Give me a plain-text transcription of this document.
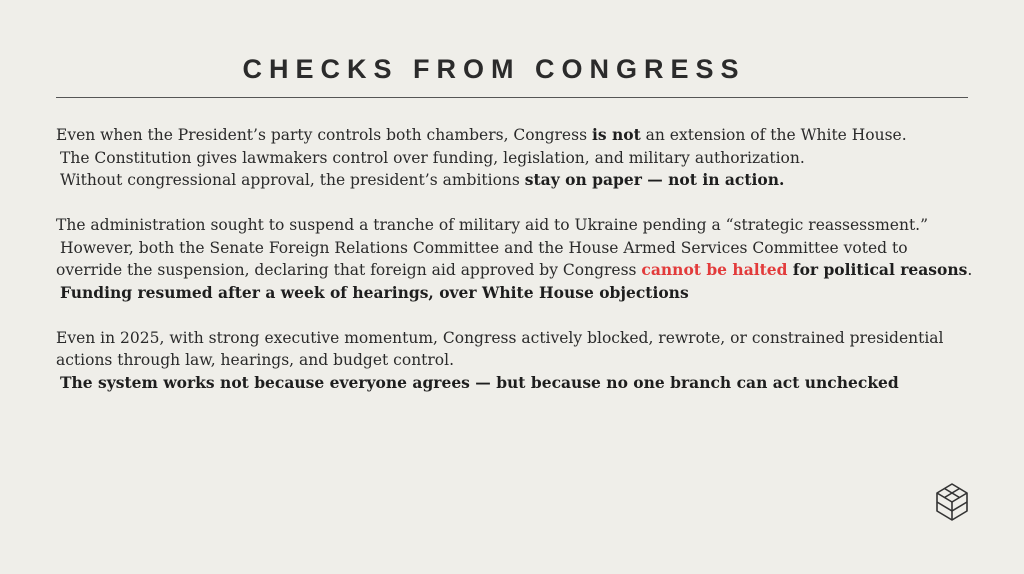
CHECKS FROM CONGRESS

Even when the President’s party controls both chambers, Congress is not an extension of the White House.
The Constitution gives lawmakers control over funding, legislation, and military authorization.
Without congressional approval, the president’s ambitions stay on paper — not in action.

The administration sought to suspend a tranche of military aid to Ukraine pending a “strategic reassessment.”
However, both the Senate Foreign Relations Committee and the House Armed Services Committee voted to
override the suspension, declaring that foreign aid approved by Congress cannot be halted for political reasons.
Funding resumed after a week of hearings, over White House objections

Even in 2025, with strong executive momentum, Congress actively blocked, rewrote, or constrained presidential
actions through law, hearings, and budget control.
The system works not because everyone agrees — but because no one branch can act unchecked
